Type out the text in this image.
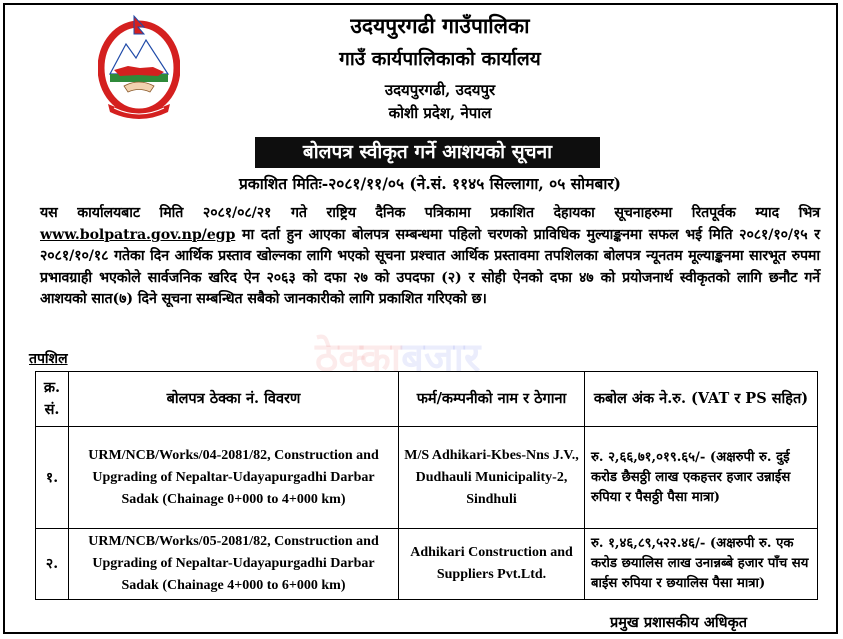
उदयपुरगढी गाउँपालिका
गाउँ कार्यपालिकाको कार्यालय
उदयपुरगढी, उदयपुर
कोशी प्रदेश, नेपाल
बोलपत्र स्वीकृत गर्ने आशयको सूचना
प्रकाशित मितिः-२०८१/११/०५ (ने.सं. ११४५ सिल्लागा, ०५ सोमबार)
यस कार्यालयबाट मिति २०८१/०८/२१ गते राष्ट्रिय दैनिक पत्रिकामा प्रकाशित देहायका सूचनाहरुमा रितपूर्वक म्याद भित्र www.bolpatra.gov.np/egp मा दर्ता हुन आएका बोलपत्र सम्बन्धमा पहिलो चरणको प्राविधिक मुल्याङ्कनमा सफल भई मिति २०८१/१०/१५ र २०८१/१०/१८ गतेका दिन आर्थिक प्रस्ताव खोल्नका लागि भएको सूचना प्रश्चात आर्थिक प्रस्तावमा तपशिलका बोलपत्र न्यूनतम मूल्याङ्कनमा सारभूत रुपमा प्रभावग्राही भएकोले सार्वजनिक खरिद ऐन २०६३ को दफा २७ को उपदफा (२) र सोही ऐनको दफा ४७ को प्रयोजनार्थ स्वीकृतको लागि छनौट गर्ने आशयको सात(७) दिने सूचना सम्बन्धित सबैको जानकारीको लागि प्रकाशित गरिएको छ।
ठेक्काबजार
तपशिल
क्र. सं.	बोलपत्र ठेक्का नं. विवरण	फर्म/कम्पनीको नाम र ठेगाना	कबोल अंक ने.रु. (VAT र PS सहित)
१.	URM/NCB/Works/04-2081/82, Construction and Upgrading of Nepaltar-Udayapurgadhi Darbar Sadak (Chainage 0+000 to 4+000 km)	M/S Adhikari-Kbes-Nns J.V., Dudhauli Municipality-2, Sindhuli	रु. २,६६,७१,०१९.६५/- (अक्षरुपी रु. दुई करोड छैसठ्ठी लाख एकहत्तर हजार उन्नाईस रुपिया र पैसठ्ठी पैसा मात्रा)
२.	URM/NCB/Works/05-2081/82, Construction and Upgrading of Nepaltar-Udayapurgadhi Darbar Sadak (Chainage 4+000 to 6+000 km)	Adhikari Construction and Suppliers Pvt.Ltd.	रु. १,४६,८९,५२२.४६/- (अक्षरुपी रु. एक करोड छयालिस लाख उनान्नब्बे हजार पाँच सय बाईस रुपिया र छयालिस पैसा मात्रा)
प्रमुख प्रशासकीय अधिकृत
